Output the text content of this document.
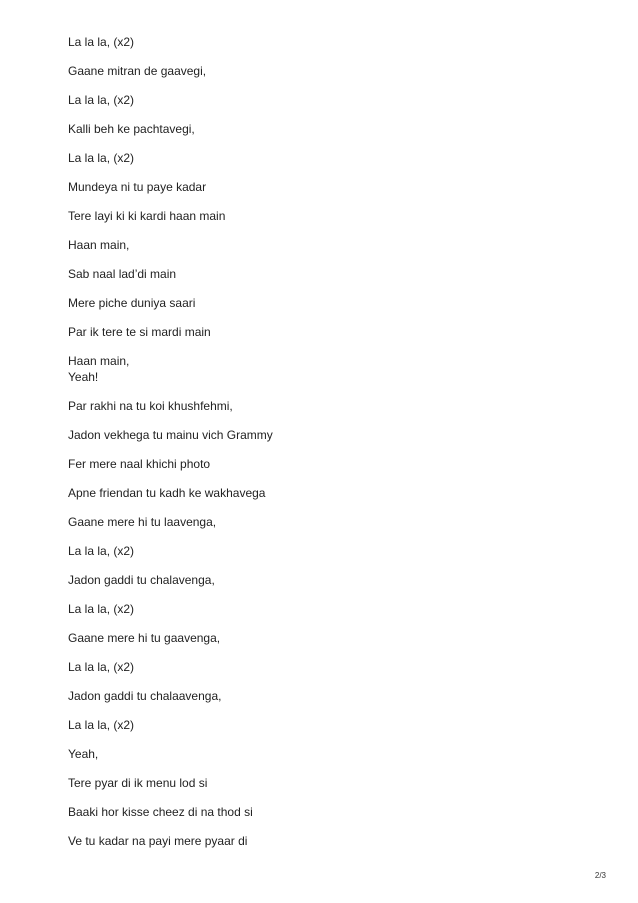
La la la, (x2)
Gaane mitran de gaavegi,
La la la, (x2)
Kalli beh ke pachtavegi,
La la la, (x2)
Mundeya ni tu paye kadar
Tere layi ki ki kardi haan main
Haan main,
Sab naal lad’di main
Mere piche duniya saari
Par ik tere te si mardi main
Haan main,
Yeah!
Par rakhi na tu koi khushfehmi,
Jadon vekhega tu mainu vich Grammy
Fer mere naal khichi photo
Apne friendan tu kadh ke wakhavega
Gaane mere hi tu laavenga,
La la la, (x2)
Jadon gaddi tu chalavenga,
La la la, (x2)
Gaane mere hi tu gaavenga,
La la la, (x2)
Jadon gaddi tu chalaavenga,
La la la, (x2)
Yeah,
Tere pyar di ik menu lod si
Baaki hor kisse cheez di na thod si
Ve tu kadar na payi mere pyaar di
2/3
